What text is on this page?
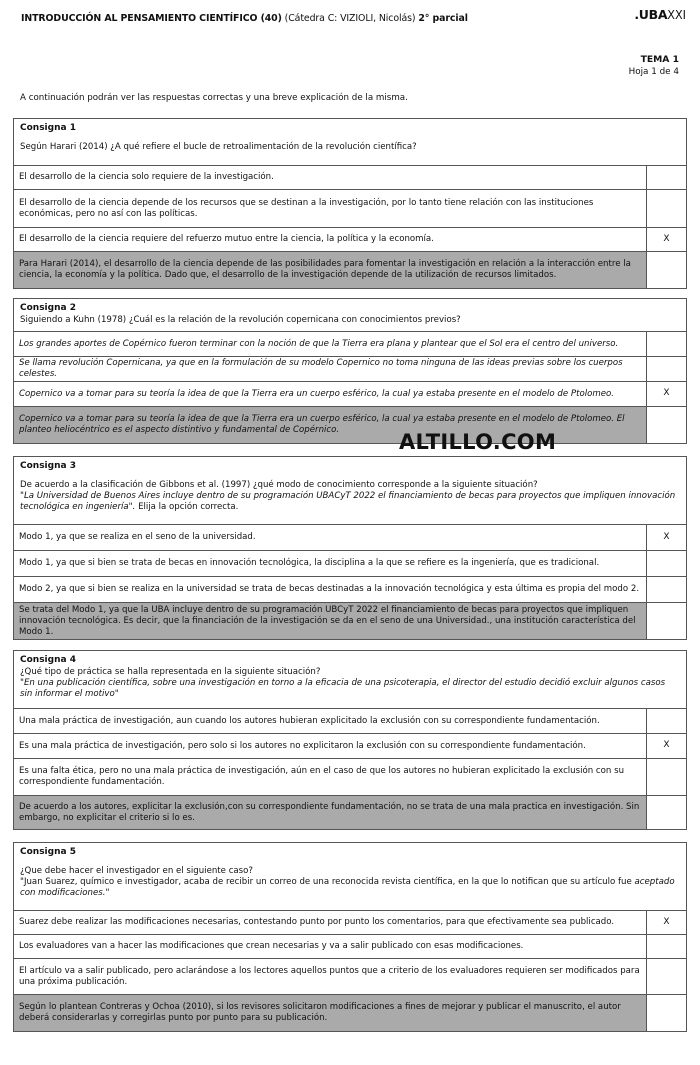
INTRODUCCIÓN AL PENSAMIENTO CIENTÍFICO (40) (Cátedra C: VIZIOLI, Nicolás) 2° parcial	.UBAXXI
TEMA 1
Hoja 1 de 4
A continuación podrán ver las respuestas correctas y una breve explicación de la misma.
Consigna 1
Según Harari (2014) ¿A qué refiere el bucle de retroalimentación de la revolución científica?
El desarrollo de la ciencia solo requiere de la investigación.
El desarrollo de la ciencia depende de los recursos que se destinan a la investigación, por lo tanto tiene relación con las instituciones económicas, pero no así con las políticas.
El desarrollo de la ciencia requiere del refuerzo mutuo entre la ciencia, la política y la economía.	X
Para Harari (2014), el desarrollo de la ciencia depende de las posibilidades para fomentar la investigación en relación a la interacción entre la ciencia, la economía y la política. Dado que, el desarrollo de la investigación depende de la utilización de recursos limitados.
Consigna 2
Siguiendo a Kuhn (1978) ¿Cuál es la relación de la revolución copernicana con conocimientos previos?
Los grandes aportes de Copérnico fueron terminar con la noción de que la Tierra era plana y plantear que el Sol era el centro del universo.
Se llama revolución Copernicana, ya que en la formulación de su modelo Copernico no toma ninguna de las ideas previas sobre los cuerpos celestes.
Copernico va a tomar para su teoría la idea de que la Tierra era un cuerpo esférico, la cual ya estaba presente en el modelo de Ptolomeo.	X
Copernico va a tomar para su teoría la idea de que la Tierra era un cuerpo esférico, la cual ya estaba presente en el modelo de Ptolomeo. El planteo heliocéntrico es el aspecto distintivo y fundamental de Copérnico.	ALTILLO.COM
Consigna 3
De acuerdo a la clasificación de Gibbons et al. (1997) ¿qué modo de conocimiento corresponde a la siguiente situación?
"La Universidad de Buenos Aires incluye dentro de su programación UBACyT 2022 el financiamiento de becas para proyectos que impliquen innovación tecnológica en ingeniería". Elija la opción correcta.
Modo 1, ya que se realiza en el seno de la universidad.	X
Modo 1, ya que si bien se trata de becas en innovación tecnológica, la disciplina a la que se refiere es la ingeniería, que es tradicional.
Modo 2, ya que si bien se realiza en la universidad se trata de becas destinadas a la innovación tecnológica y esta última es propia del modo 2.
Se trata del Modo 1, ya que la UBA incluye dentro de su programación UBCyT 2022 el financiamiento de becas para proyectos que impliquen innovación tecnológica. Es decir, que la financiación de la investigación se da en el seno de una Universidad., una institución característica del Modo 1.
Consigna 4
¿Qué tipo de práctica se halla representada en la siguiente situación?
"En una publicación científica, sobre una investigación en torno a la eficacia de una psicoterapia, el director del estudio decidió excluir algunos casos sin informar el motivo"
Una mala práctica de investigación, aun cuando los autores hubieran explicitado la exclusión con su correspondiente fundamentación.
Es una mala práctica de investigación, pero solo si los autores no explicitaron la exclusión con su correspondiente fundamentación.	X
Es una falta ética, pero no una mala práctica de investigación, aún en el caso de que los autores no hubieran explicitado la exclusión con su correspondiente fundamentación.
De acuerdo a los autores, explicitar la exclusión,con su correspondiente fundamentación, no se trata de una mala practica en investigación. Sin embargo, no explicitar el criterio si lo es.
Consigna 5
¿Que debe hacer el investigador en el siguiente caso?
"Juan Suarez, químico e investigador, acaba de recibir un correo de una reconocida revista científica, en la que lo notifican que su artículo fue aceptado con modificaciones."
Suarez debe realizar las modificaciones necesarias, contestando punto por punto los comentarios, para que efectivamente sea publicado.	X
Los evaluadores van a hacer las modificaciones que crean necesarias y va a salir publicado con esas modificaciones.
El artículo va a salir publicado, pero aclarándose a los lectores aquellos puntos que a criterio de los evaluadores requieren ser modificados para una próxima publicación.
Según lo plantean Contreras y Ochoa (2010), si los revisores solicitaron modificaciones a fines de mejorar y publicar el manuscrito, el autor deberá considerarlas y corregirlas punto por punto para su publicación.
